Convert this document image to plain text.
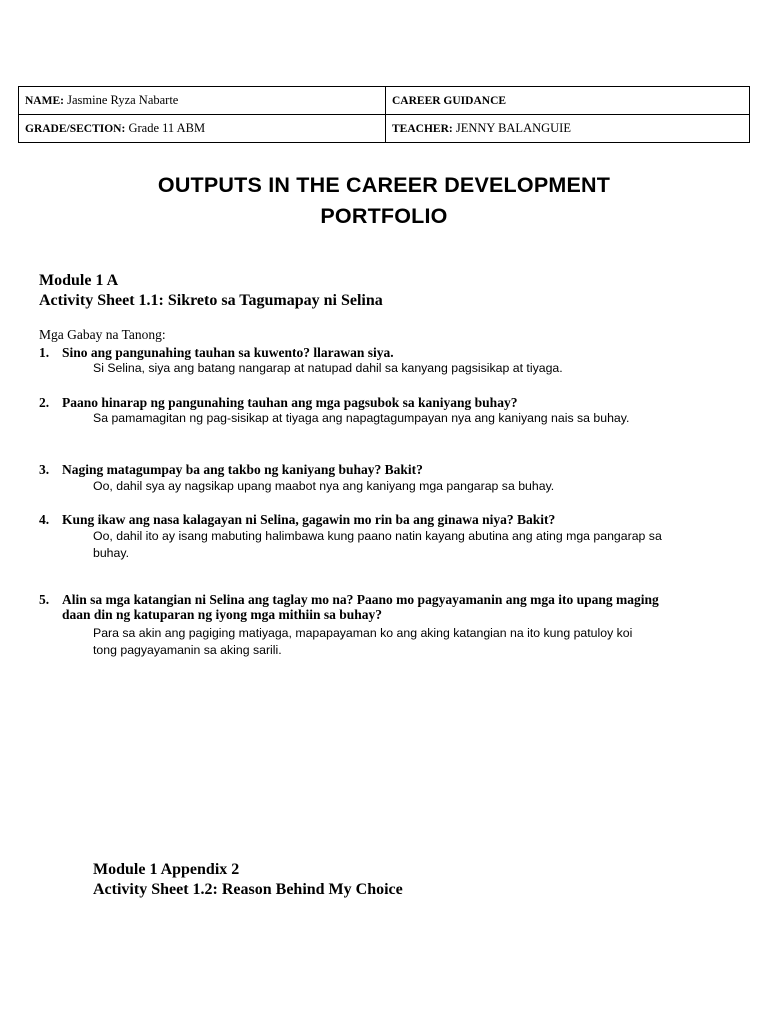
NAME: Jasmine Ryza Nabarte	CAREER GUIDANCE
GRADE/SECTION: Grade 11 ABM	TEACHER: JENNY BALANGUIE
OUTPUTS IN THE CAREER DEVELOPMENT
PORTFOLIO
Module 1 A
Activity Sheet 1.1: Sikreto sa Tagumapay ni Selina
Mga Gabay na Tanong:
1. Sino ang pangunahing tauhan sa kuwento? llarawan siya.
Si Selina, siya ang batang nangarap at natupad dahil sa kanyang pagsisikap at tiyaga.
2. Paano hinarap ng pangunahing tauhan ang mga pagsubok sa kaniyang buhay?
Sa pamamagitan ng pag-sisikap at tiyaga ang napagtagumpayan nya ang kaniyang nais sa buhay.
3. Naging matagumpay ba ang takbo ng kaniyang buhay? Bakit?
Oo, dahil sya ay nagsikap upang maabot nya ang kaniyang mga pangarap sa buhay.
4. Kung ikaw ang nasa kalagayan ni Selina, gagawin mo rin ba ang ginawa niya? Bakit?
Oo, dahil ito ay isang mabuting halimbawa kung paano natin kayang abutina ang ating mga pangarap sa buhay.
5. Alin sa mga katangian ni Selina ang taglay mo na? Paano mo pagyayamanin ang mga ito upang maging daan din ng katuparan ng iyong mga mithiin sa buhay?
Para sa akin ang pagiging matiyaga, mapapayaman ko ang aking katangian na ito kung patuloy koi tong pagyayamanin sa aking sarili.
Module 1 Appendix 2
Activity Sheet 1.2: Reason Behind My Choice
